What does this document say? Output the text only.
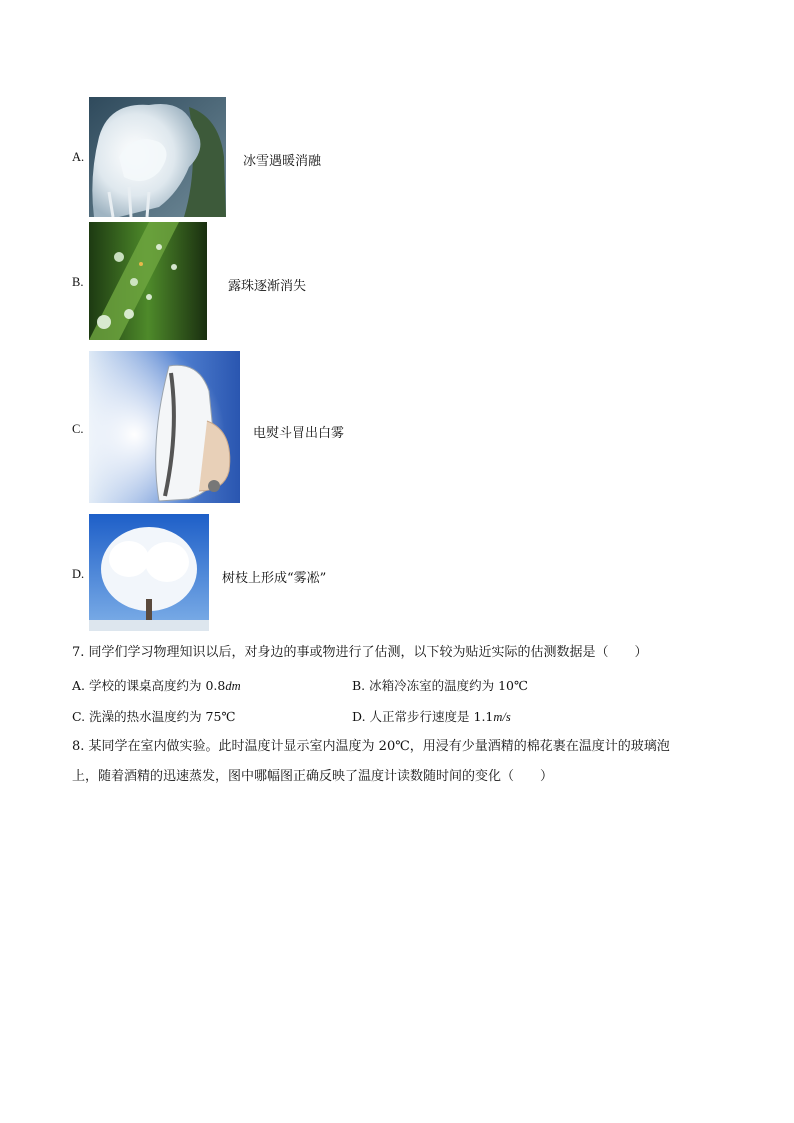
A.	冰雪遇暖消融
B.	露珠逐渐消失
C.	电熨斗冒出白雾
D.	树枝上形成“雾凇”
7. 同学们学习物理知识以后，对身边的事或物进行了估测，以下较为贴近实际的估测数据是（　　）
A. 学校的课桌高度约为 0.8dm	B. 冰箱冷冻室的温度约为 10℃
C. 洗澡的热水温度约为 75℃	D. 人正常步行速度是 1.1m/s
8. 某同学在室内做实验。此时温度计显示室内温度为 20℃，用浸有少量酒精的棉花裹在温度计的玻璃泡
上，随着酒精的迅速蒸发，图中哪幅图正确反映了温度计读数随时间的变化（　　）
